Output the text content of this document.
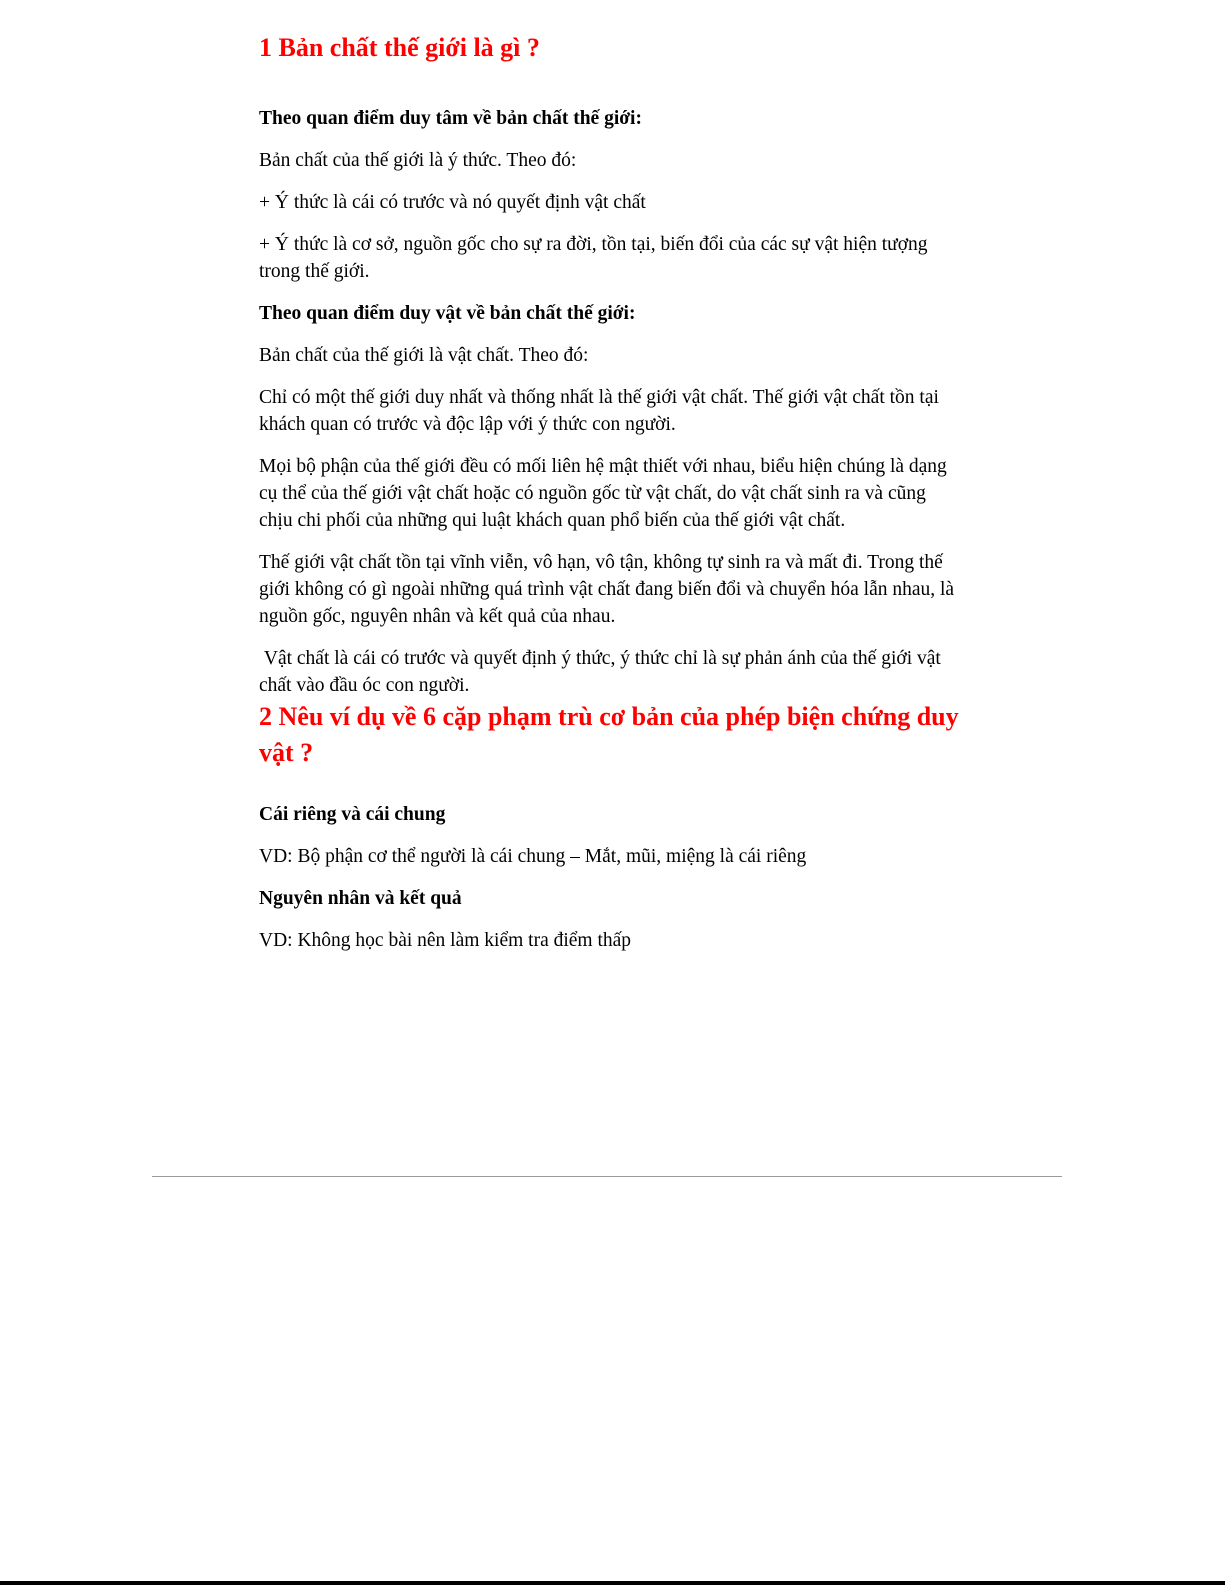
1 Bản chất thế giới là gì ?

Theo quan điểm duy tâm về bản chất thế giới:

Bản chất của thế giới là ý thức. Theo đó:

+ Ý thức là cái có trước và nó quyết định vật chất

+ Ý thức là cơ sở, nguồn gốc cho sự ra đời, tồn tại, biến đổi của các sự vật hiện tượng trong thế giới.

Theo quan điểm duy vật về bản chất thế giới:

Bản chất của thế giới là vật chất. Theo đó:

Chỉ có một thế giới duy nhất và thống nhất là thế giới vật chất. Thế giới vật chất tồn tại khách quan có trước và độc lập với ý thức con người.

Mọi bộ phận của thế giới đều có mối liên hệ mật thiết với nhau, biểu hiện chúng là dạng cụ thể của thế giới vật chất hoặc có nguồn gốc từ vật chất, do vật chất sinh ra và cũng chịu chi phối của những qui luật khách quan phổ biến của thế giới vật chất.

Thế giới vật chất tồn tại vĩnh viễn, vô hạn, vô tận, không tự sinh ra và mất đi. Trong thế giới không có gì ngoài những quá trình vật chất đang biến đổi và chuyển hóa lẫn nhau, là nguồn gốc, nguyên nhân và kết quả của nhau.

Vật chất là cái có trước và quyết định ý thức, ý thức chỉ là sự phản ánh của thế giới vật chất vào đầu óc con người.

2 Nêu ví dụ về 6 cặp phạm trù cơ bản của phép biện chứng duy vật ?

Cái riêng và cái chung

VD: Bộ phận cơ thể người là cái chung – Mắt, mũi, miệng là cái riêng

Nguyên nhân và kết quả

VD: Không học bài nên làm kiểm tra điểm thấp
